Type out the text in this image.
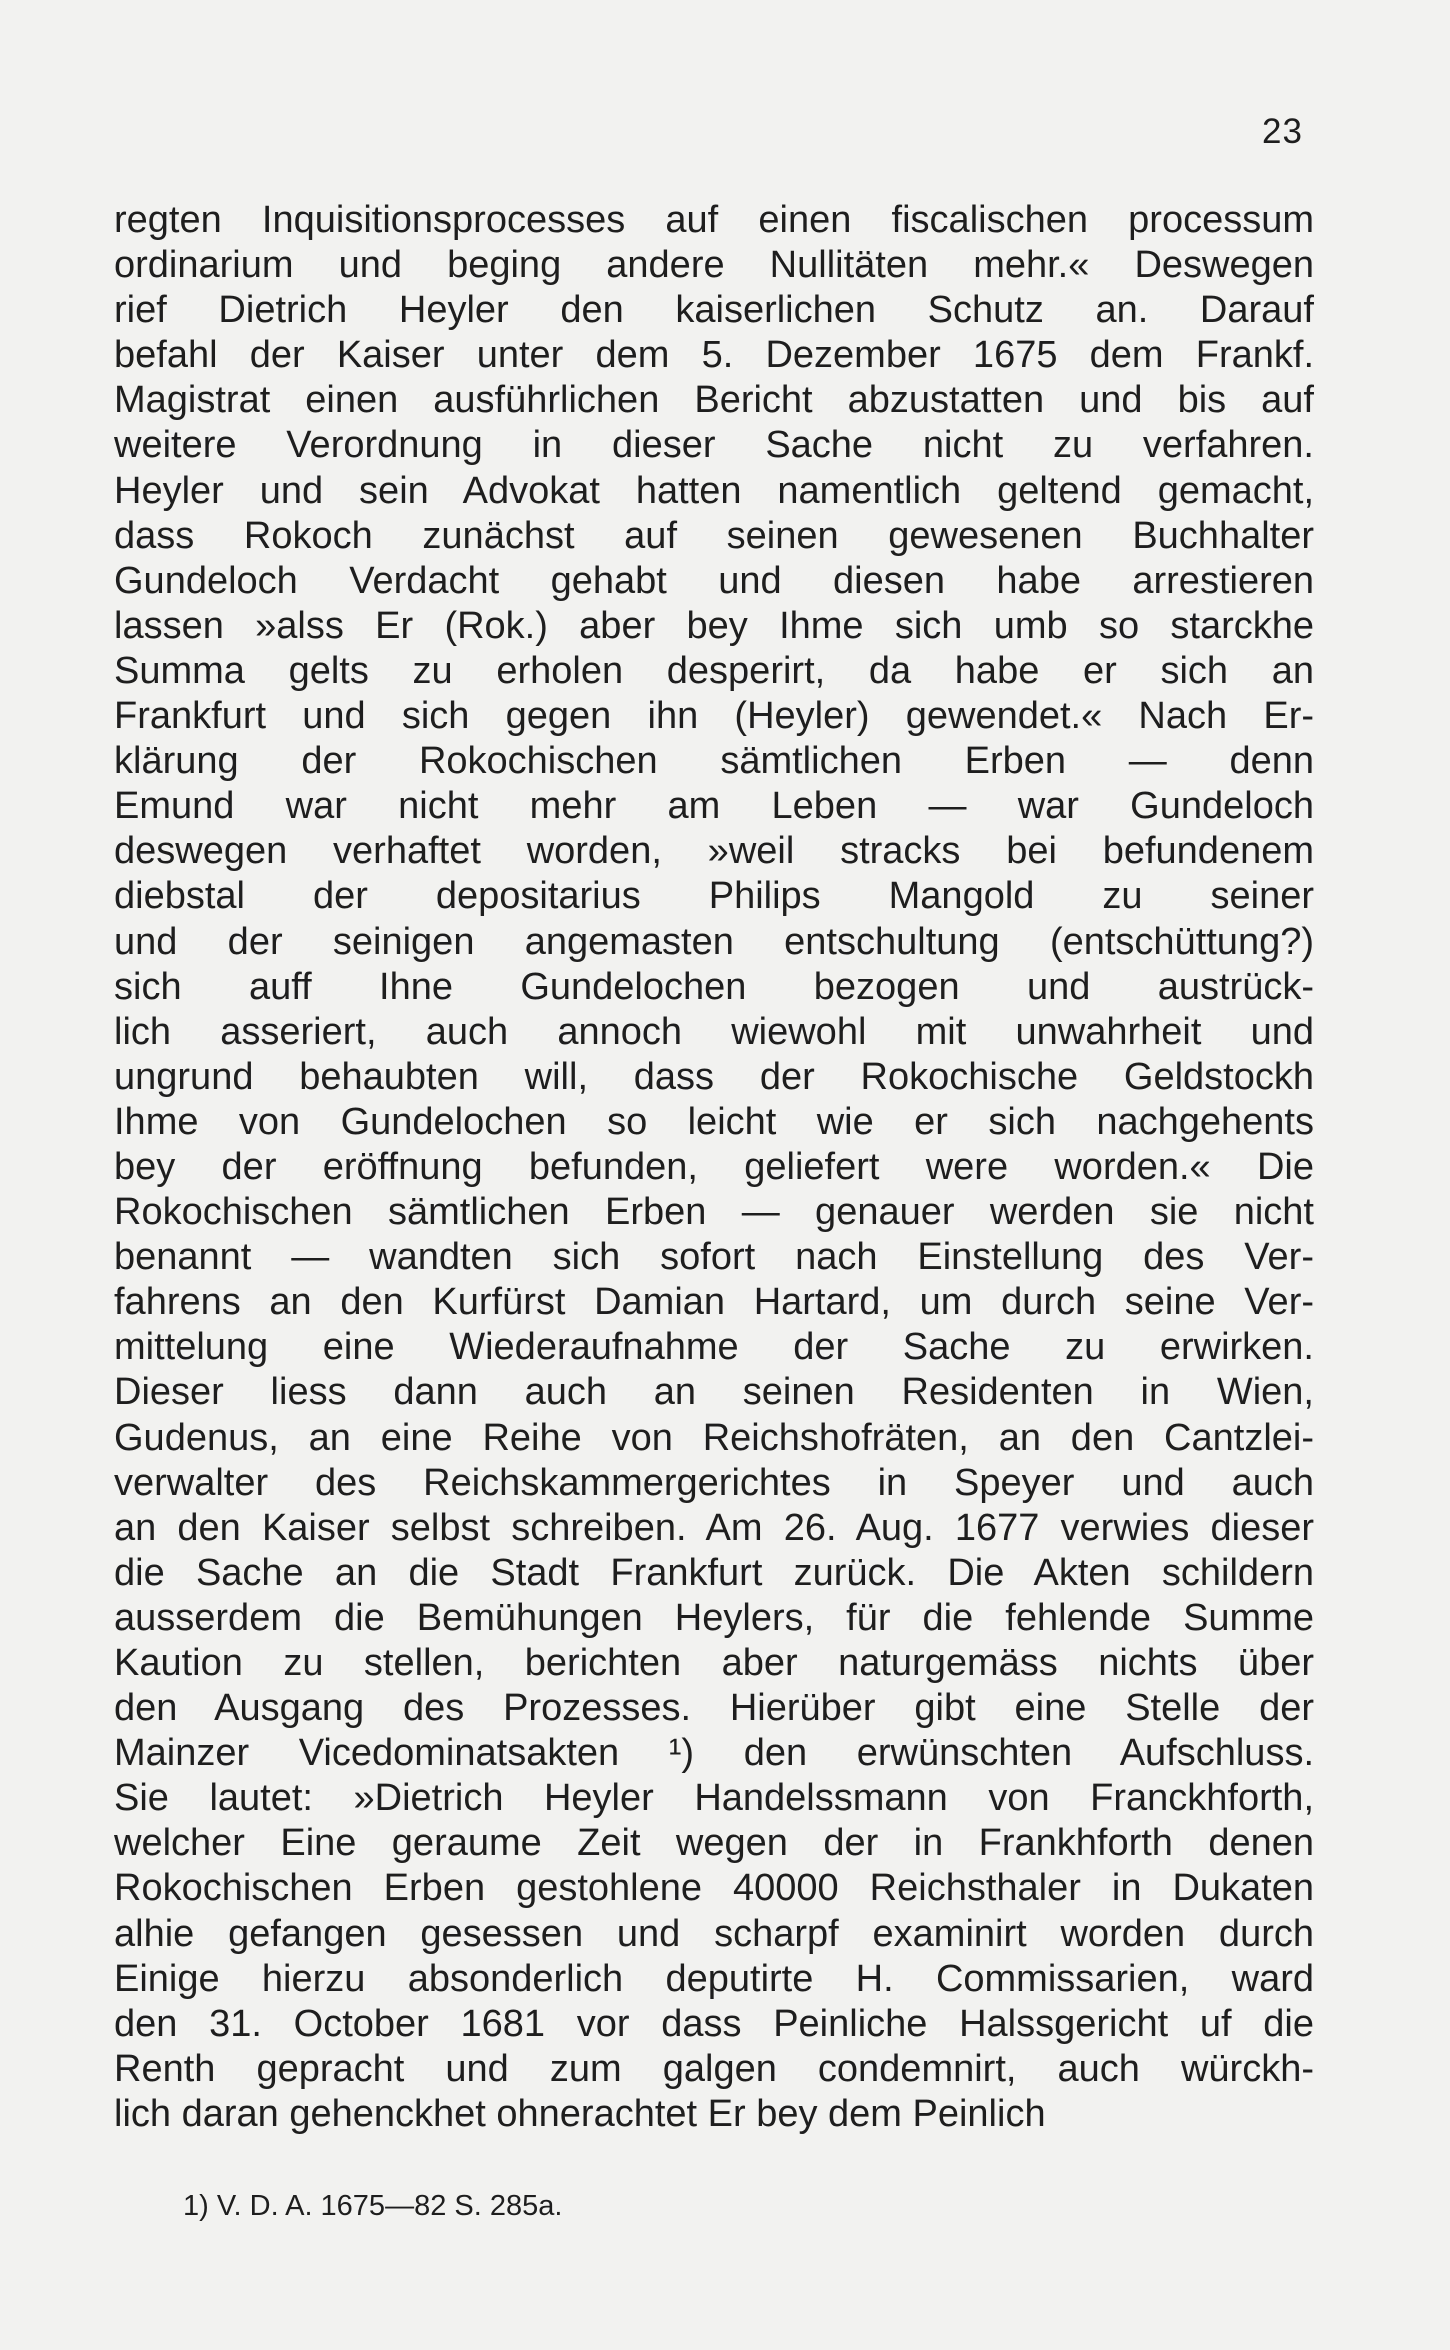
23
regten Inquisitionsprocesses auf einen fiscalischen processum
ordinarium und beging andere Nullitäten mehr.« Deswegen
rief Dietrich Heyler den kaiserlichen Schutz an. Darauf
befahl der Kaiser unter dem 5. Dezember 1675 dem Frankf.
Magistrat einen ausführlichen Bericht abzustatten und bis auf
weitere Verordnung in dieser Sache nicht zu verfahren.
Heyler und sein Advokat hatten namentlich geltend gemacht,
dass Rokoch zunächst auf seinen gewesenen Buchhalter
Gundeloch Verdacht gehabt und diesen habe arrestieren
lassen »alss Er (Rok.) aber bey Ihme sich umb so starckhe
Summa gelts zu erholen desperirt, da habe er sich an
Frankfurt und sich gegen ihn (Heyler) gewendet.« Nach Er-
klärung der Rokochischen sämtlichen Erben — denn
Emund war nicht mehr am Leben — war Gundeloch
deswegen verhaftet worden, »weil stracks bei befundenem
diebstal der depositarius Philips Mangold zu seiner
und der seinigen angemasten entschultung (entschüttung?)
sich auff Ihne Gundelochen bezogen und austrück-
lich asseriert, auch annoch wiewohl mit unwahrheit und
ungrund behaubten will, dass der Rokochische Geldstockh
Ihme von Gundelochen so leicht wie er sich nachgehents
bey der eröffnung befunden, geliefert were worden.« Die
Rokochischen sämtlichen Erben — genauer werden sie nicht
benannt — wandten sich sofort nach Einstellung des Ver-
fahrens an den Kurfürst Damian Hartard, um durch seine Ver-
mittelung eine Wiederaufnahme der Sache zu erwirken.
Dieser liess dann auch an seinen Residenten in Wien,
Gudenus, an eine Reihe von Reichshofräten, an den Cantzlei-
verwalter des Reichskammergerichtes in Speyer und auch
an den Kaiser selbst schreiben. Am 26. Aug. 1677 verwies dieser
die Sache an die Stadt Frankfurt zurück. Die Akten schildern
ausserdem die Bemühungen Heylers, für die fehlende Summe
Kaution zu stellen, berichten aber naturgemäss nichts über
den Ausgang des Prozesses. Hierüber gibt eine Stelle der
Mainzer Vicedominatsakten ¹) den erwünschten Aufschluss.
Sie lautet: »Dietrich Heyler Handelssmann von Franckhforth,
welcher Eine geraume Zeit wegen der in Frankhforth denen
Rokochischen Erben gestohlene 40000 Reichsthaler in Dukaten
alhie gefangen gesessen und scharpf examinirt worden durch
Einige hierzu absonderlich deputirte H. Commissarien, ward
den 31. October 1681 vor dass Peinliche Halssgericht uf die
Renth gepracht und zum galgen condemnirt, auch würckh-
lich daran gehenckhet ohnerachtet Er bey dem Peinlich
1) V. D. A. 1675—82 S. 285a.
